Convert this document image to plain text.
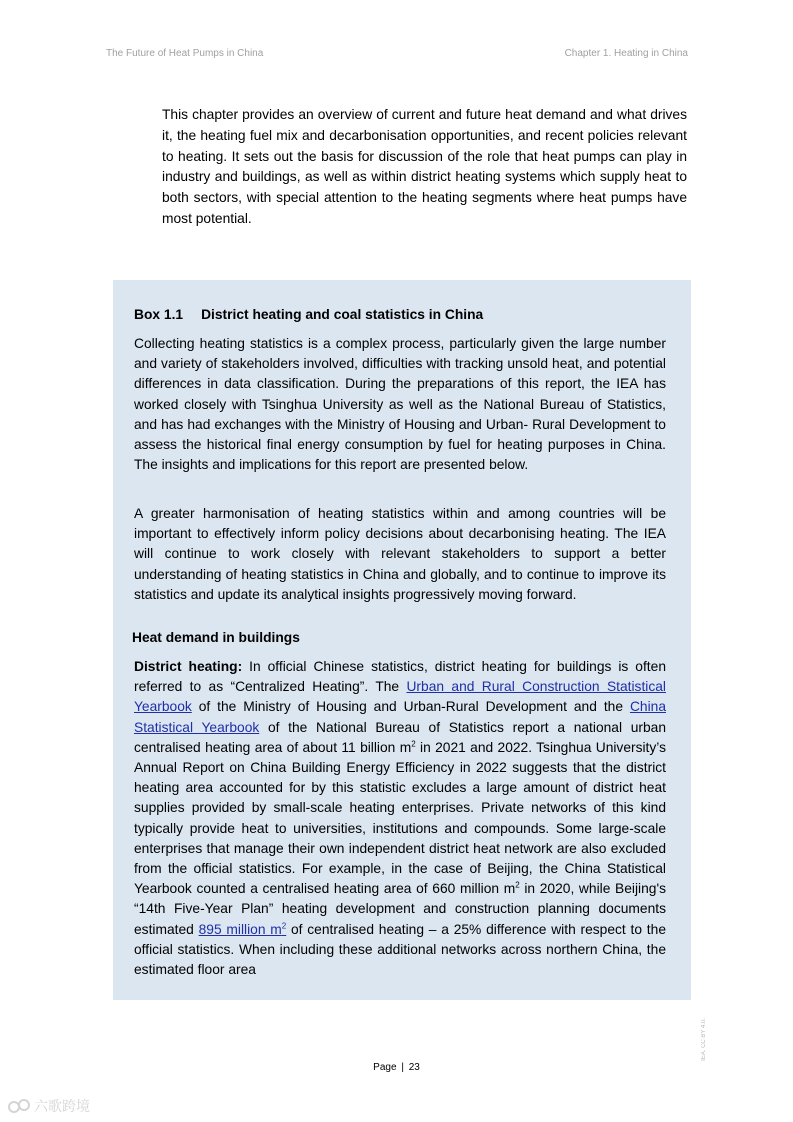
The Future of Heat Pumps in China	Chapter 1. Heating in China

This chapter provides an overview of current and future heat demand and what drives it, the heating fuel mix and decarbonisation opportunities, and recent policies relevant to heating. It sets out the basis for discussion of the role that heat pumps can play in industry and buildings, as well as within district heating systems which supply heat to both sectors, with special attention to the heating segments where heat pumps have most potential.

Box 1.1 District heating and coal statistics in China

Collecting heating statistics is a complex process, particularly given the large number and variety of stakeholders involved, difficulties with tracking unsold heat, and potential differences in data classification. During the preparations of this report, the IEA has worked closely with Tsinghua University as well as the National Bureau of Statistics, and has had exchanges with the Ministry of Housing and Urban- Rural Development to assess the historical final energy consumption by fuel for heating purposes in China. The insights and implications for this report are presented below.

A greater harmonisation of heating statistics within and among countries will be important to effectively inform policy decisions about decarbonising heating. The IEA will continue to work closely with relevant stakeholders to support a better understanding of heating statistics in China and globally, and to continue to improve its statistics and update its analytical insights progressively moving forward.

Heat demand in buildings

District heating: In official Chinese statistics, district heating for buildings is often referred to as “Centralized Heating”. The Urban and Rural Construction Statistical Yearbook of the Ministry of Housing and Urban-Rural Development and the China Statistical Yearbook of the National Bureau of Statistics report a national urban centralised heating area of about 11 billion $m^2$ in 2021 and 2022. Tsinghua University’s Annual Report on China Building Energy Efficiency in 2022 suggests that the district heating area accounted for by this statistic excludes a large amount of district heat supplies provided by small-scale heating enterprises. Private networks of this kind typically provide heat to universities, institutions and compounds. Some large-scale enterprises that manage their own independent district heat network are also excluded from the official statistics. For example, in the case of Beijing, the China Statistical Yearbook counted a centralised heating area of 660 million $m^2$ in 2020, while Beijing's “14th Five-Year Plan” heating development and construction planning documents estimated 895 million m$^2$ of centralised heating – a 25% difference with respect to the official statistics. When including these additional networks across northern China, the estimated floor area

Page | 23
IEA. CC BY 4.0.
六歌跨境
